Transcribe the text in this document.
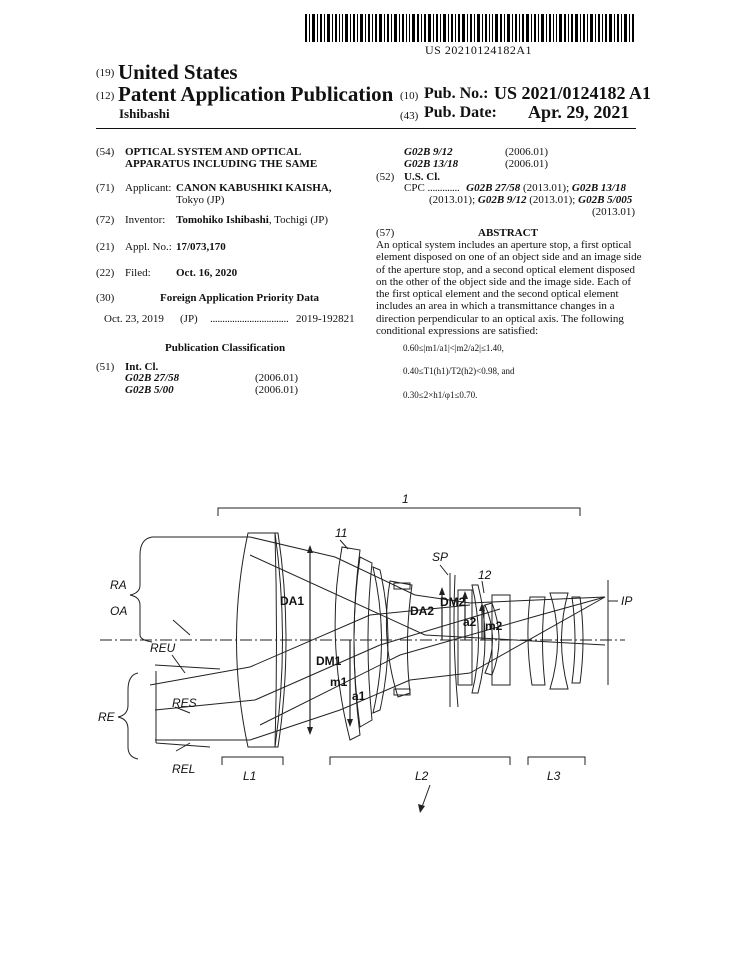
US 20210124182A1
(19) United States
(12) Patent Application Publication
Ishibashi
(10) Pub. No.: US 2021/0124182 A1
(43) Pub. Date: Apr. 29, 2021
(54) OPTICAL SYSTEM AND OPTICAL
APPARATUS INCLUDING THE SAME
(71) Applicant: CANON KABUSHIKI KAISHA,
Tokyo (JP)
(72) Inventor: Tomohiko Ishibashi, Tochigi (JP)
(21) Appl. No.: 17/073,170
(22) Filed: Oct. 16, 2020
(30)	Foreign Application Priority Data
Oct. 23, 2019 (JP) ................................ 2019-192821
Publication Classification
(51) Int. Cl.
G02B 27/58	(2006.01)
G02B 5/00	(2006.01)
G02B 9/12	(2006.01)
G02B 13/18	(2006.01)
(52) U.S. Cl.
CPC ............. G02B 27/58 (2013.01); G02B 13/18
(2013.01); G02B 9/12 (2013.01); G02B 5/005
(2013.01)
(57)	ABSTRACT
An optical system includes an aperture stop, a first optical
element disposed on one of an object side and an image side
of the aperture stop, and a second optical element disposed
on the other of the object side and the image side. Each of
the first optical element and the second optical element
includes an area in which a transmittance changes in a
direction perpendicular to an optical axis. The following
conditional expressions are satisfied:
0.60≤|m1/a1|<|m2/a2|≤1.40,
0.40≤T1(h1)/T2(h2)<0.98, and
0.30≤2×h1/φ1≤0.70.
1
11
SP
12
IP
RA
OA
REU
RE
RES
REL	L1	L2	L3
DA1
DM1
m1
a1
DA2
DM2
a2 m2
